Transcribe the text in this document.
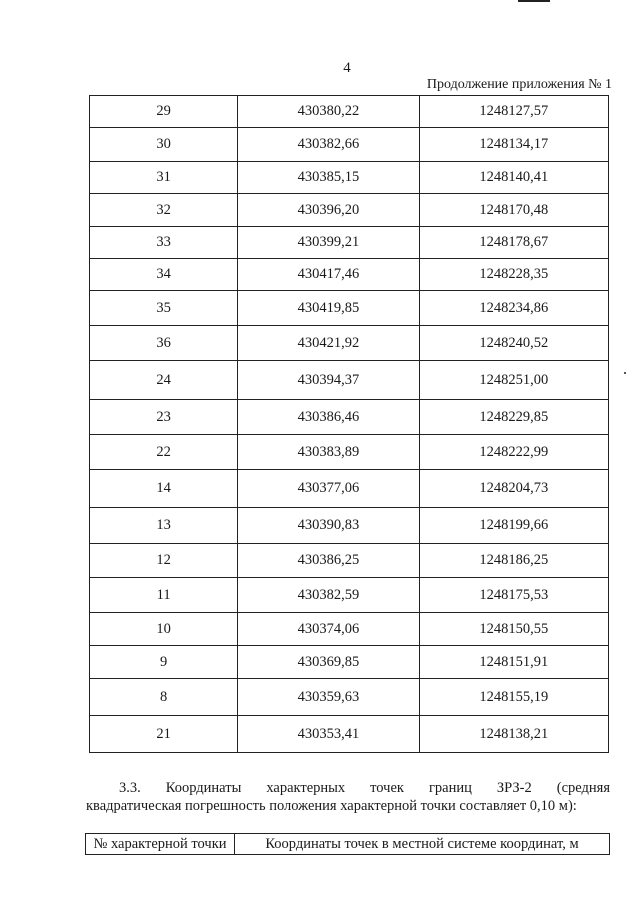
4
Продолжение приложения № 1
29	430380,22	1248127,57
30	430382,66	1248134,17
31	430385,15	1248140,41
32	430396,20	1248170,48
33	430399,21	1248178,67
34	430417,46	1248228,35
35	430419,85	1248234,86
36	430421,92	1248240,52
24	430394,37	1248251,00
23	430386,46	1248229,85
22	430383,89	1248222,99
14	430377,06	1248204,73
13	430390,83	1248199,66
12	430386,25	1248186,25
11	430382,59	1248175,53
10	430374,06	1248150,55
9	430369,85	1248151,91
8	430359,63	1248155,19
21	430353,41	1248138,21
3.3. Координаты характерных точек границ ЗРЗ-2 (средняя
квадратическая погрешность положения характерной точки составляет 0,10 м):
№ характерной точки	Координаты точек в местной системе координат, м
